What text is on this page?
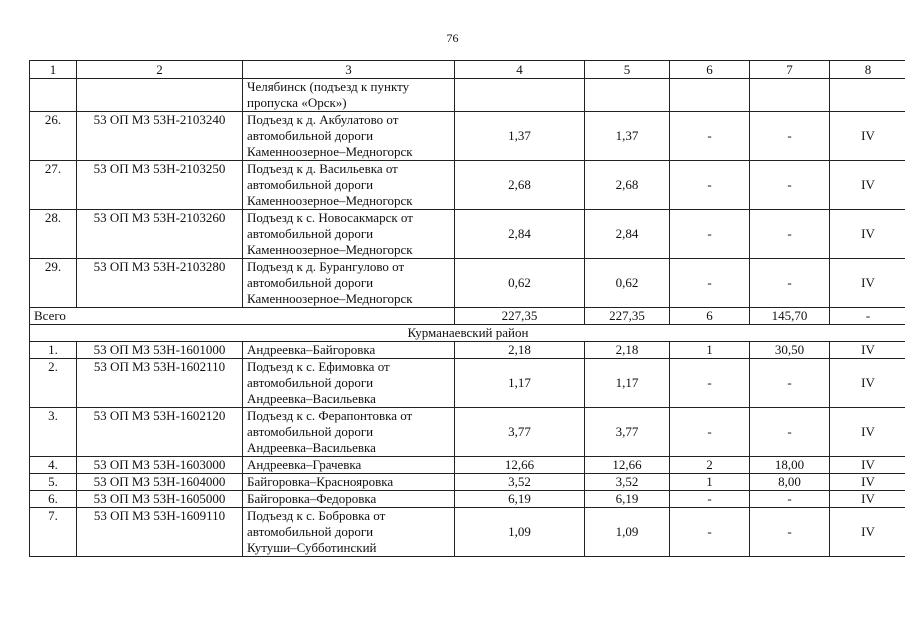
76
1	2	3	4	5	6	7	8
		Челябинск (подъезд к пункту
пропуска «Орск»)					
26.	53 ОП МЗ 53Н-2103240	Подъезд к д. Акбулатово от
автомобильной дороги
Каменноозерное–Медногорск	1,37	1,37	-	-	IV
27.	53 ОП МЗ 53Н-2103250	Подъезд к д. Васильевка от
автомобильной дороги
Каменноозерное–Медногорск	2,68	2,68	-	-	IV
28.	53 ОП МЗ 53Н-2103260	Подъезд к с. Новосакмарск от
автомобильной дороги
Каменноозерное–Медногорск	2,84	2,84	-	-	IV
29.	53 ОП МЗ 53Н-2103280	Подъезд к д. Бурангулово от
автомобильной дороги
Каменноозерное–Медногорск	0,62	0,62	-	-	IV
Всего			227,35	227,35	6	145,70	-
Курманаевский район							
1.	53 ОП МЗ 53Н-1601000	Андреевка–Байгоровка	2,18	2,18	1	30,50	IV
2.	53 ОП МЗ 53Н-1602110	Подъезд к с. Ефимовка от
автомобильной дороги
Андреевка–Васильевка	1,17	1,17	-	-	IV
3.	53 ОП МЗ 53Н-1602120	Подъезд к с. Ферапонтовка от
автомобильной дороги
Андреевка–Васильевка	3,77	3,77	-	-	IV
4.	53 ОП МЗ 53Н-1603000	Андреевка–Грачевка	12,66	12,66	2	18,00	IV
5.	53 ОП МЗ 53Н-1604000	Байгоровка–Краснояровка	3,52	3,52	1	8,00	IV
6.	53 ОП МЗ 53Н-1605000	Байгоровка–Федоровка	6,19	6,19	-	-	IV
7.	53 ОП МЗ 53Н-1609110	Подъезд к с. Бобровка от
автомобильной дороги
Кутуши–Субботинский	1,09	1,09	-	-	IV
